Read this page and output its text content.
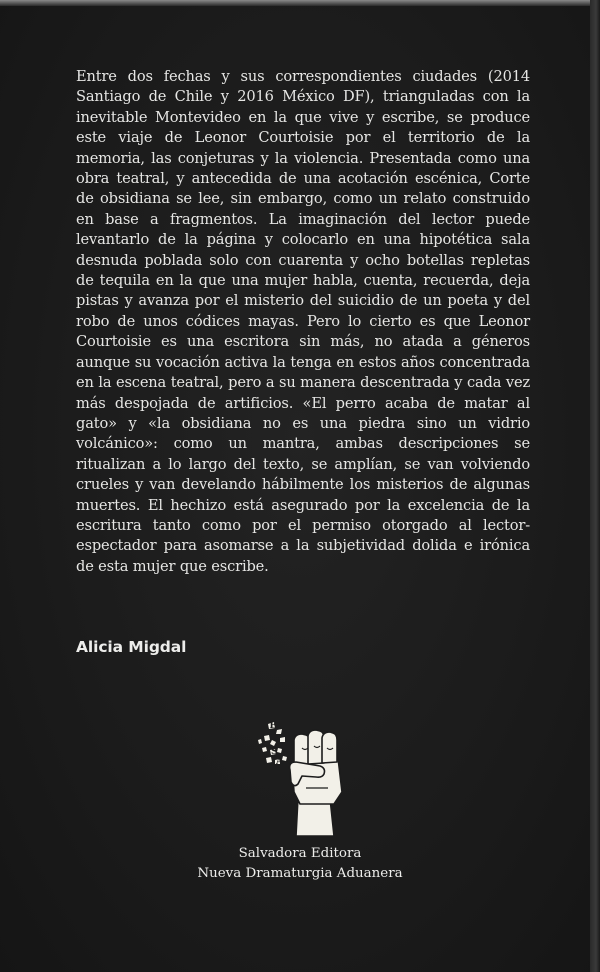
Entre dos fechas y sus correspondientes ciudades (2014 Santiago de Chile y 2016 México DF), trianguladas con la inevitable Montevideo en la que vive y escribe, se produce este viaje de Leonor Courtoisie por el territorio de la memoria, las conjeturas y la violencia. Presentada como una obra teatral, y antecedida de una acotación escénica, Corte de obsidiana se lee, sin embargo, como un relato construido en base a fragmentos. La imaginación del lector puede levantarlo de la página y colocarlo en una hipotética sala desnuda poblada solo con cuarenta y ocho botellas repletas de tequila en la que una mujer habla, cuenta, recuerda, deja pistas y avanza por el misterio del suicidio de un poeta y del robo de unos códices mayas. Pero lo cierto es que Leonor Courtoisie es una escritora sin más, no atada a géneros aunque su vocación activa la tenga en estos años concentrada en la escena teatral, pero a su manera descentrada y cada vez más despojada de artificios. «El perro acaba de matar al gato» y «la obsidiana no es una piedra sino un vidrio volcánico»: como un mantra, ambas descripciones se ritualizan a lo largo del texto, se amplían, se van volviendo crueles y van develando hábilmente los misterios de algunas muertes. El hechizo está asegurado por la excelencia de la escritura tanto como por el permiso otorgado al lector-espectador para asomarse a la subjetividad dolida e irónica de esta mujer que escribe.

Alicia Migdal

E
S
A
Salvadora Editora
Nueva Dramaturgia Aduanera
